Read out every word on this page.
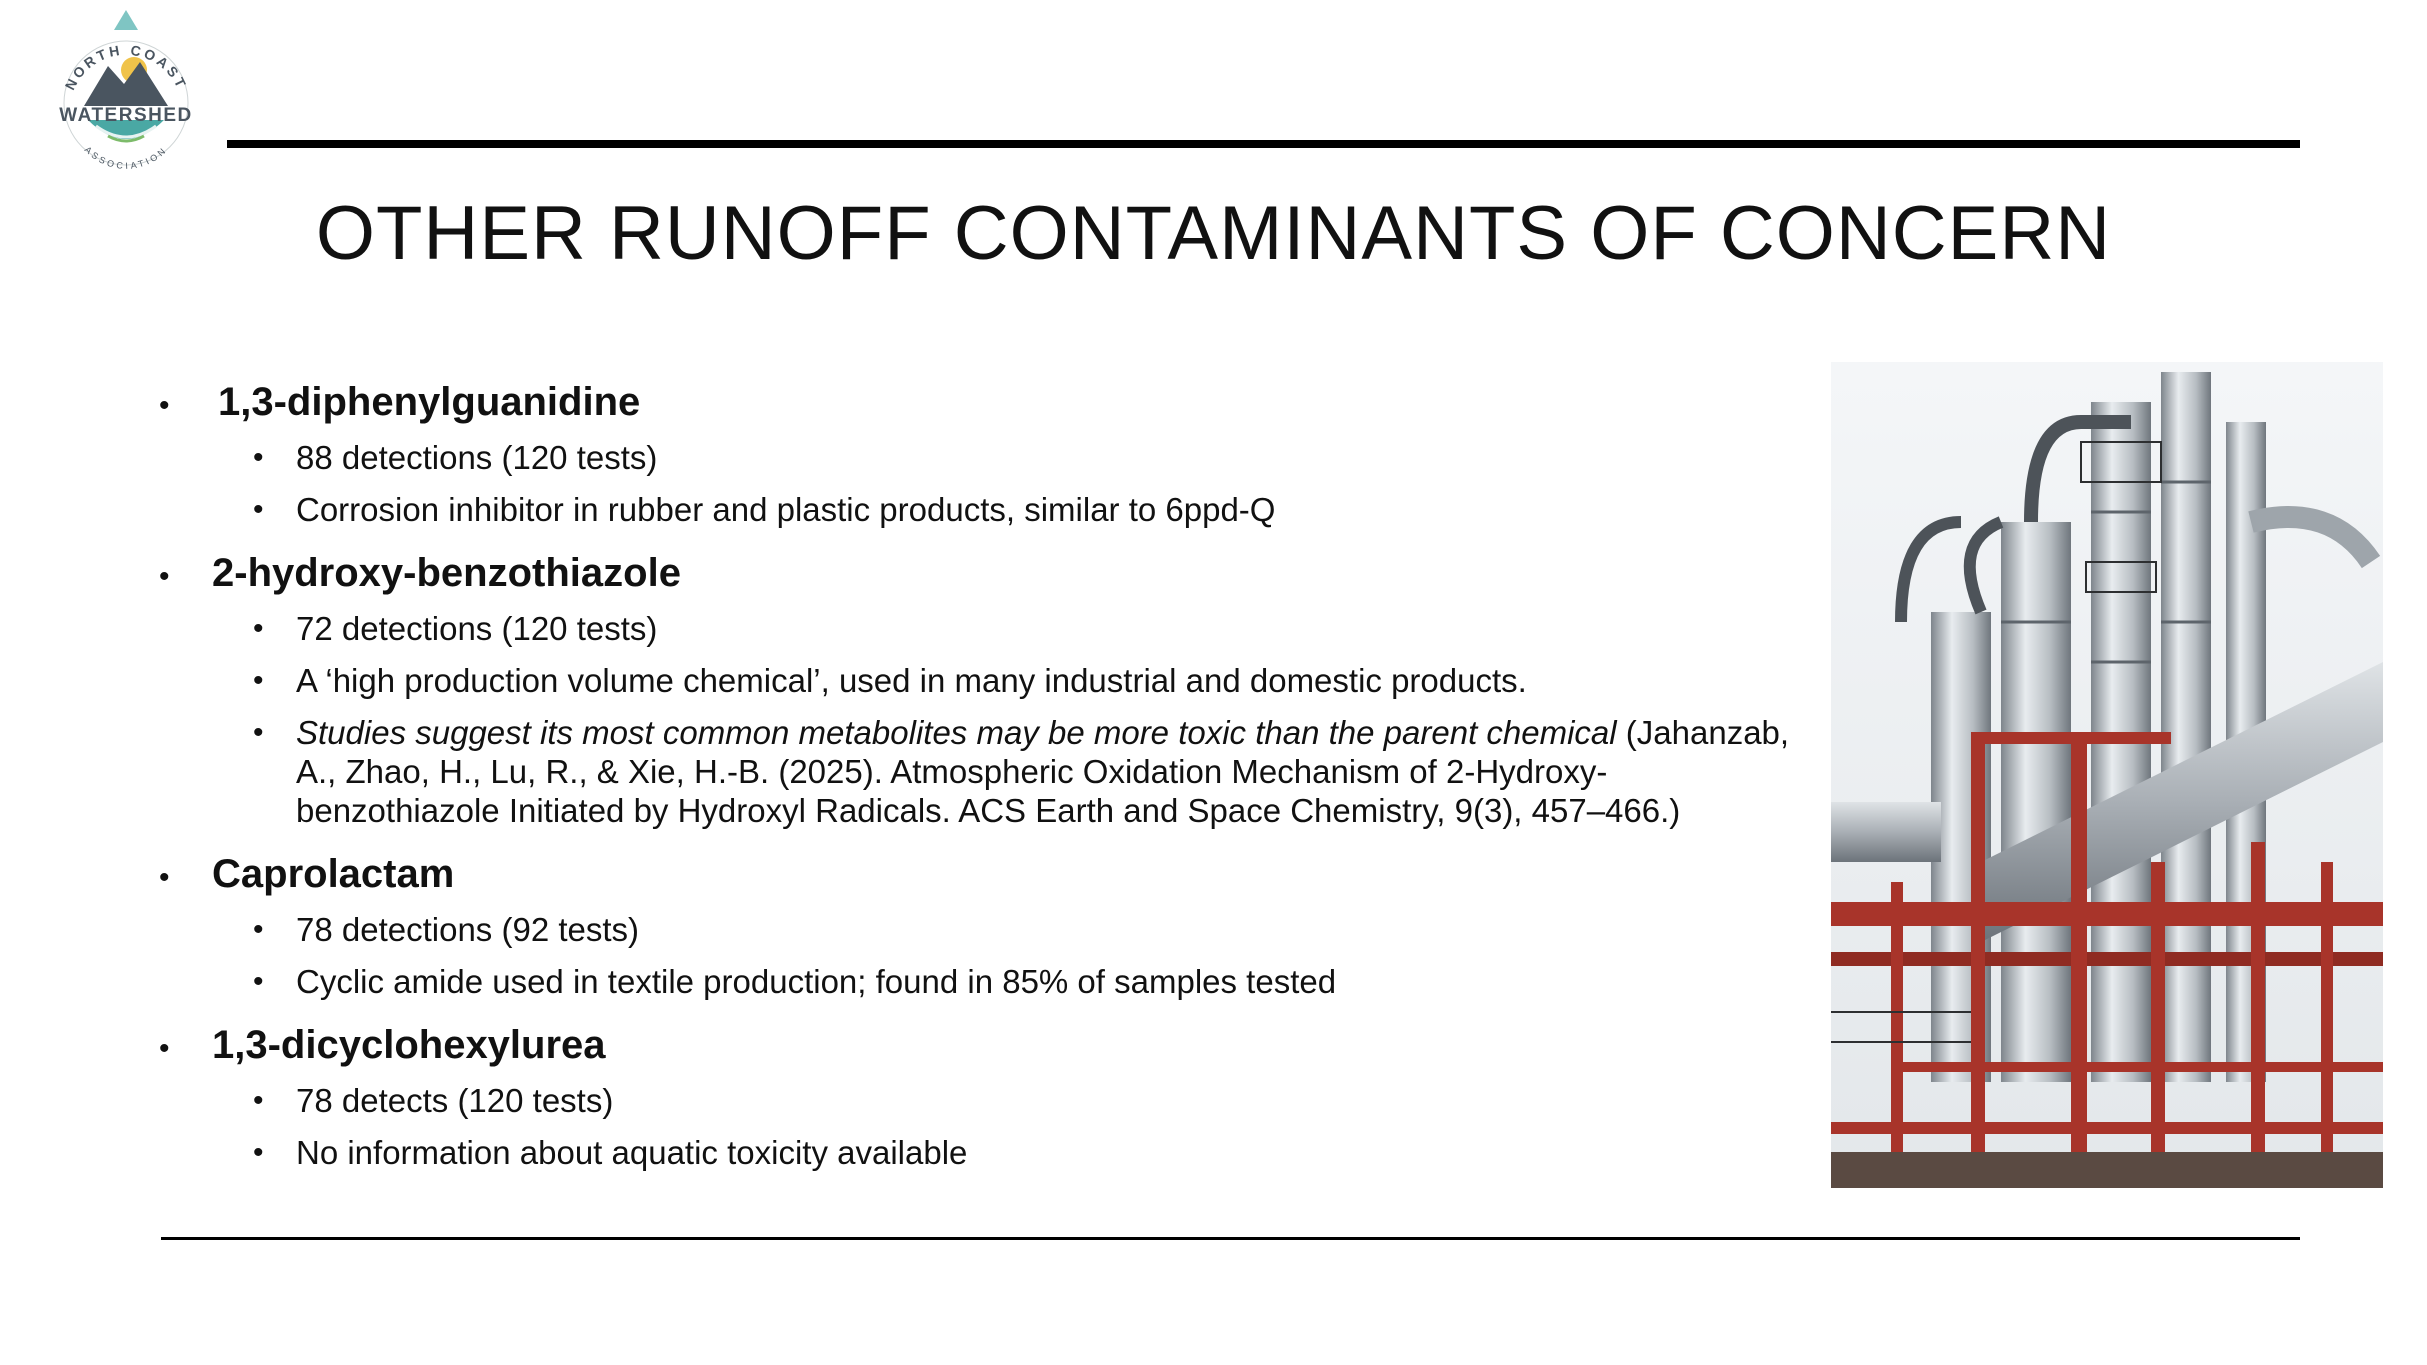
WATERSHED
NORTH COAST
ASSOCIATION
OTHER RUNOFF CONTAMINANTS OF CONCERN
•	1,3-diphenylguanidine
• 88 detections (120 tests)
• Corrosion inhibitor in rubber and plastic products, similar to 6ppd-Q
•	2-hydroxy-benzothiazole
• 72 detections (120 tests)
• A ‘high production volume chemical’, used in many industrial and domestic products.
• Studies suggest its most common metabolites may be more toxic than the parent chemical (Jahanzab, A., Zhao, H., Lu, R., & Xie, H.-B. (2025). Atmospheric Oxidation Mechanism of 2-Hydroxy-benzothiazole Initiated by Hydroxyl Radicals. ACS Earth and Space Chemistry, 9(3), 457–466.)
•	Caprolactam
• 78 detections (92 tests)
• Cyclic amide used in textile production; found in 85% of samples tested
•	1,3-dicyclohexylurea
• 78 detects (120 tests)
• No information about aquatic toxicity available
